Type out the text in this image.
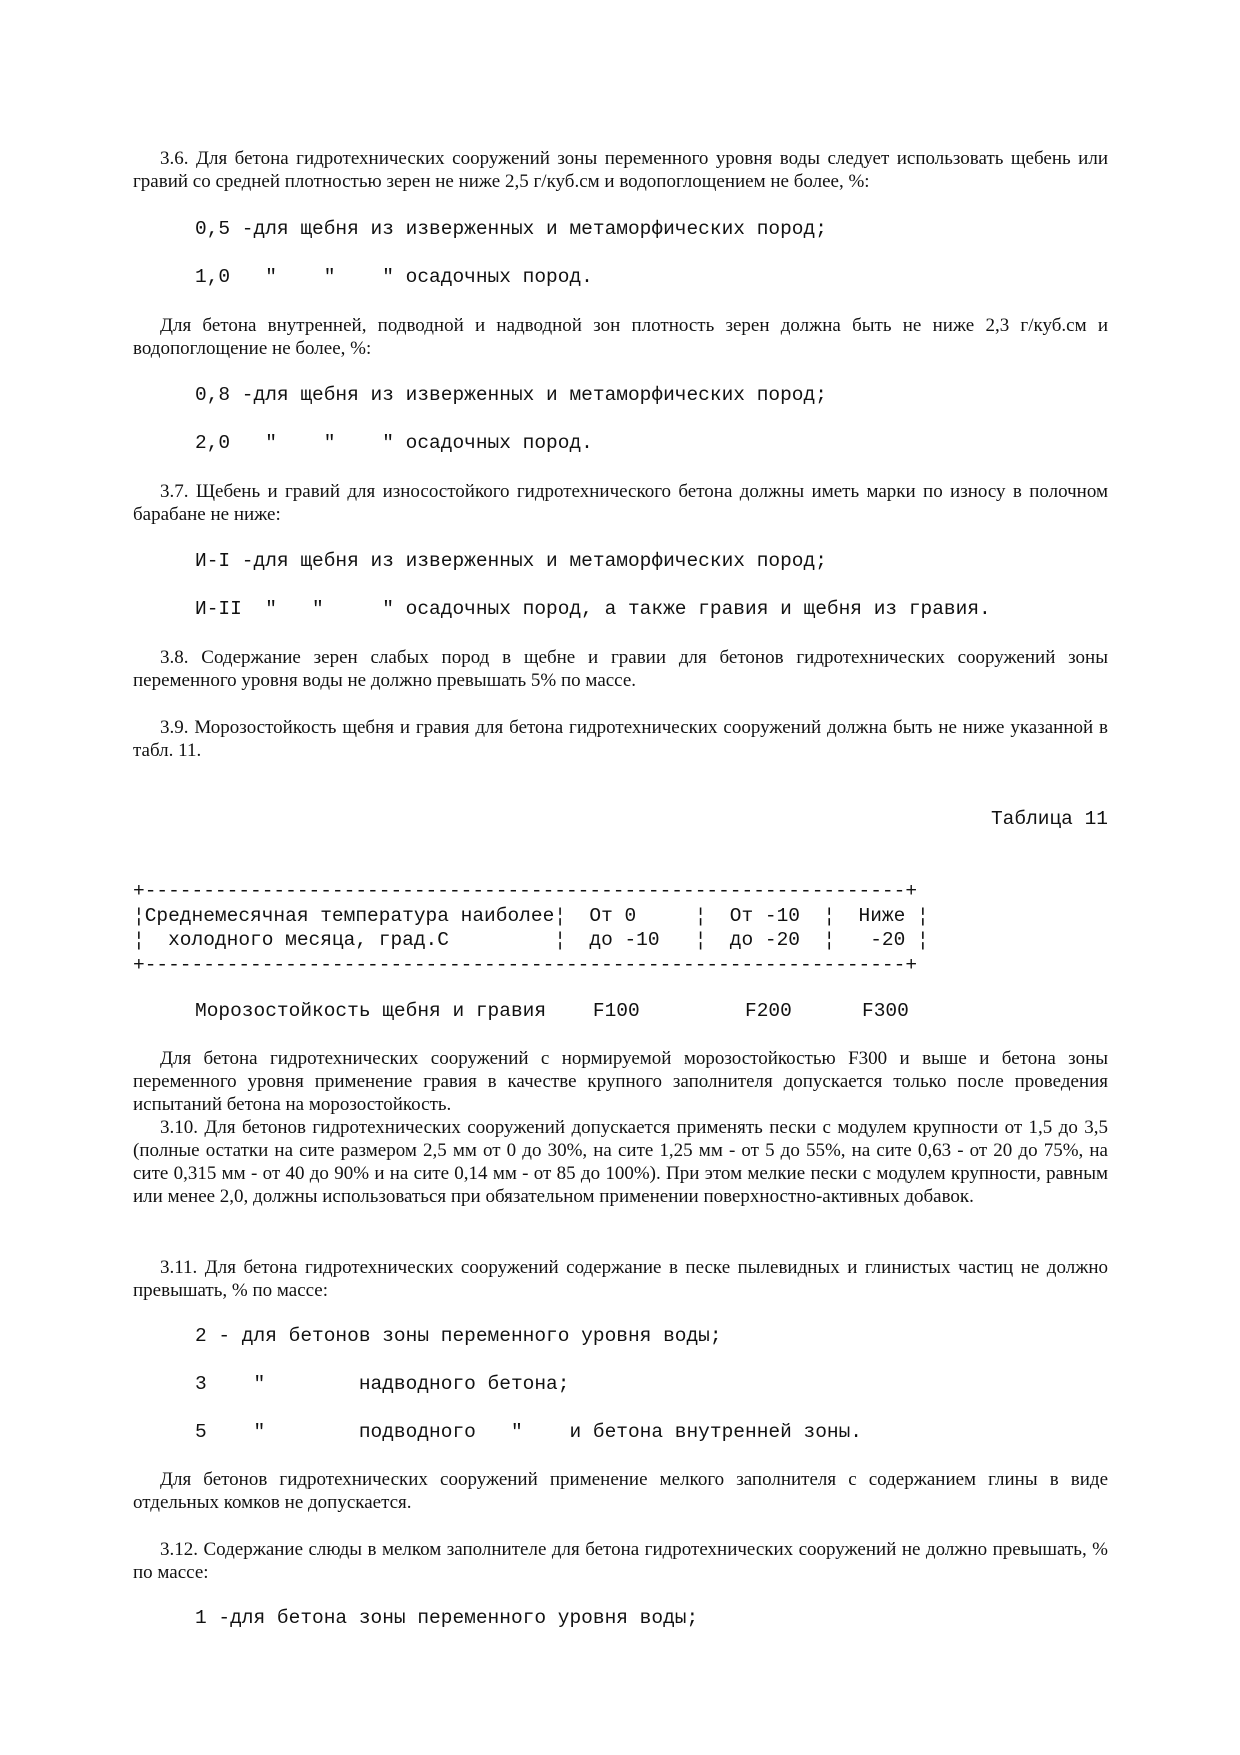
3.6. Для бетона гидротехнических сооружений зоны переменного уровня воды следует использовать щебень или гравий со средней плотностью зерен не ниже 2,5 г/куб.см и водопоглощением не более, %:

0,5 -для щебня из изверженных и метаморфических пород;
1,0   "    "    " осадочных пород.

Для бетона внутренней, подводной и надводной зон плотность зерен должна быть не ниже 2,3 г/куб.см и водопоглощение не более, %:

0,8 -для щебня из изверженных и метаморфических пород;
2,0   "    "    " осадочных пород.

3.7. Щебень и гравий для износостойкого гидротехнического бетона должны иметь марки по износу в полочном барабане не ниже:

И-I -для щебня из изверженных и метаморфических пород;
И-II  "   "     " осадочных пород, а также гравия и щебня из гравия.

3.8. Содержание зерен слабых пород в щебне и гравии для бетонов гидротехнических сооружений зоны переменного уровня воды не должно превышать 5% по массе.

3.9. Морозостойкость щебня и гравия для бетона гидротехнических сооружений должна быть не ниже указанной в табл. 11.

Таблица 11
+-----------------------------------------------------------------+
¦Среднемесячная температура наиболее¦  От 0     ¦  От -10  ¦  Ниже ¦
¦  холодного месяца, град.С         ¦  до -10   ¦  до -20  ¦   -20 ¦
+-----------------------------------------------------------------+
Морозостойкость щебня и гравия    F100         F200      F300

Для бетона гидротехнических сооружений с нормируемой морозостойкостью F300 и выше и бетона зоны переменного уровня применение гравия в качестве крупного заполнителя допускается только после проведения испытаний бетона на морозостойкость.

3.10. Для бетонов гидротехнических сооружений допускается применять пески с модулем крупности от 1,5 до 3,5 (полные остатки на сите размером 2,5 мм от 0 до 30%, на сите 1,25 мм - от 5 до 55%, на сите 0,63 - от 20 до 75%, на сите 0,315 мм - от 40 до 90% и на сите 0,14 мм - от 85 до 100%). При этом мелкие пески с модулем крупности, равным или менее 2,0, должны использоваться при обязательном применении поверхностно-активных добавок.

3.11. Для бетона гидротехнических сооружений содержание в песке пылевидных и глинистых частиц не должно превышать, % по массе:

2 - для бетонов зоны переменного уровня воды;
3    "        надводного бетона;
5    "        подводного   "    и бетона внутренней зоны.

Для бетонов гидротехнических сооружений применение мелкого заполнителя с содержанием глины в виде отдельных комков не допускается.

3.12. Содержание слюды в мелком заполнителе для бетона гидротехнических сооружений не должно превышать, % по массе:

1 -для бетона зоны переменного уровня воды;
